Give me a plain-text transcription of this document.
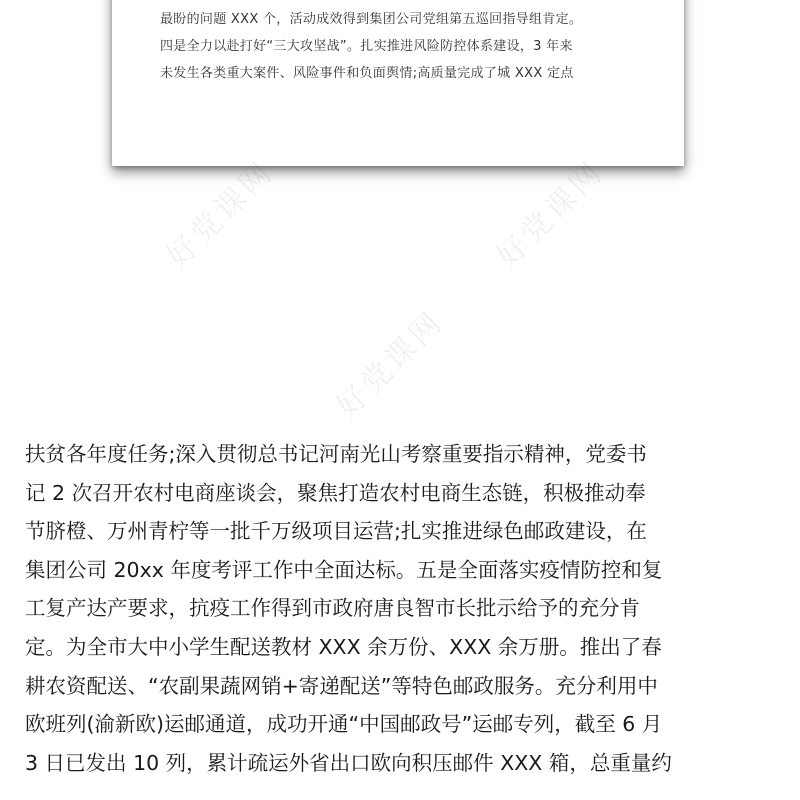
最盼的问题 XXX 个，活动成效得到集团公司党组第五巡回指导组肯定。
四是全力以赴打好“三大攻坚战”。扎实推进风险防控体系建设，3 年来
未发生各类重大案件、风险事件和负面舆情;高质量完成了城 XXX 定点
好党课网	好党课网
好党课网
扶贫各年度任务;深入贯彻总书记河南光山考察重要指示精神，党委书
记 2 次召开农村电商座谈会，聚焦打造农村电商生态链，积极推动奉
节脐橙、万州青柠等一批千万级项目运营;扎实推进绿色邮政建设，在
集团公司 20xx 年度考评工作中全面达标。五是全面落实疫情防控和复
工复产达产要求，抗疫工作得到市政府唐良智市长批示给予的充分肯
定。为全市大中小学生配送教材 XXX 余万份、XXX 余万册。推出了春
耕农资配送、“农副果蔬网销+寄递配送”等特色邮政服务。充分利用中
欧班列(渝新欧)运邮通道，成功开通“中国邮政号”运邮专列，截至 6 月
3 日已发出 10 列，累计疏运外省出口欧向积压邮件 XXX 箱，总重量约
